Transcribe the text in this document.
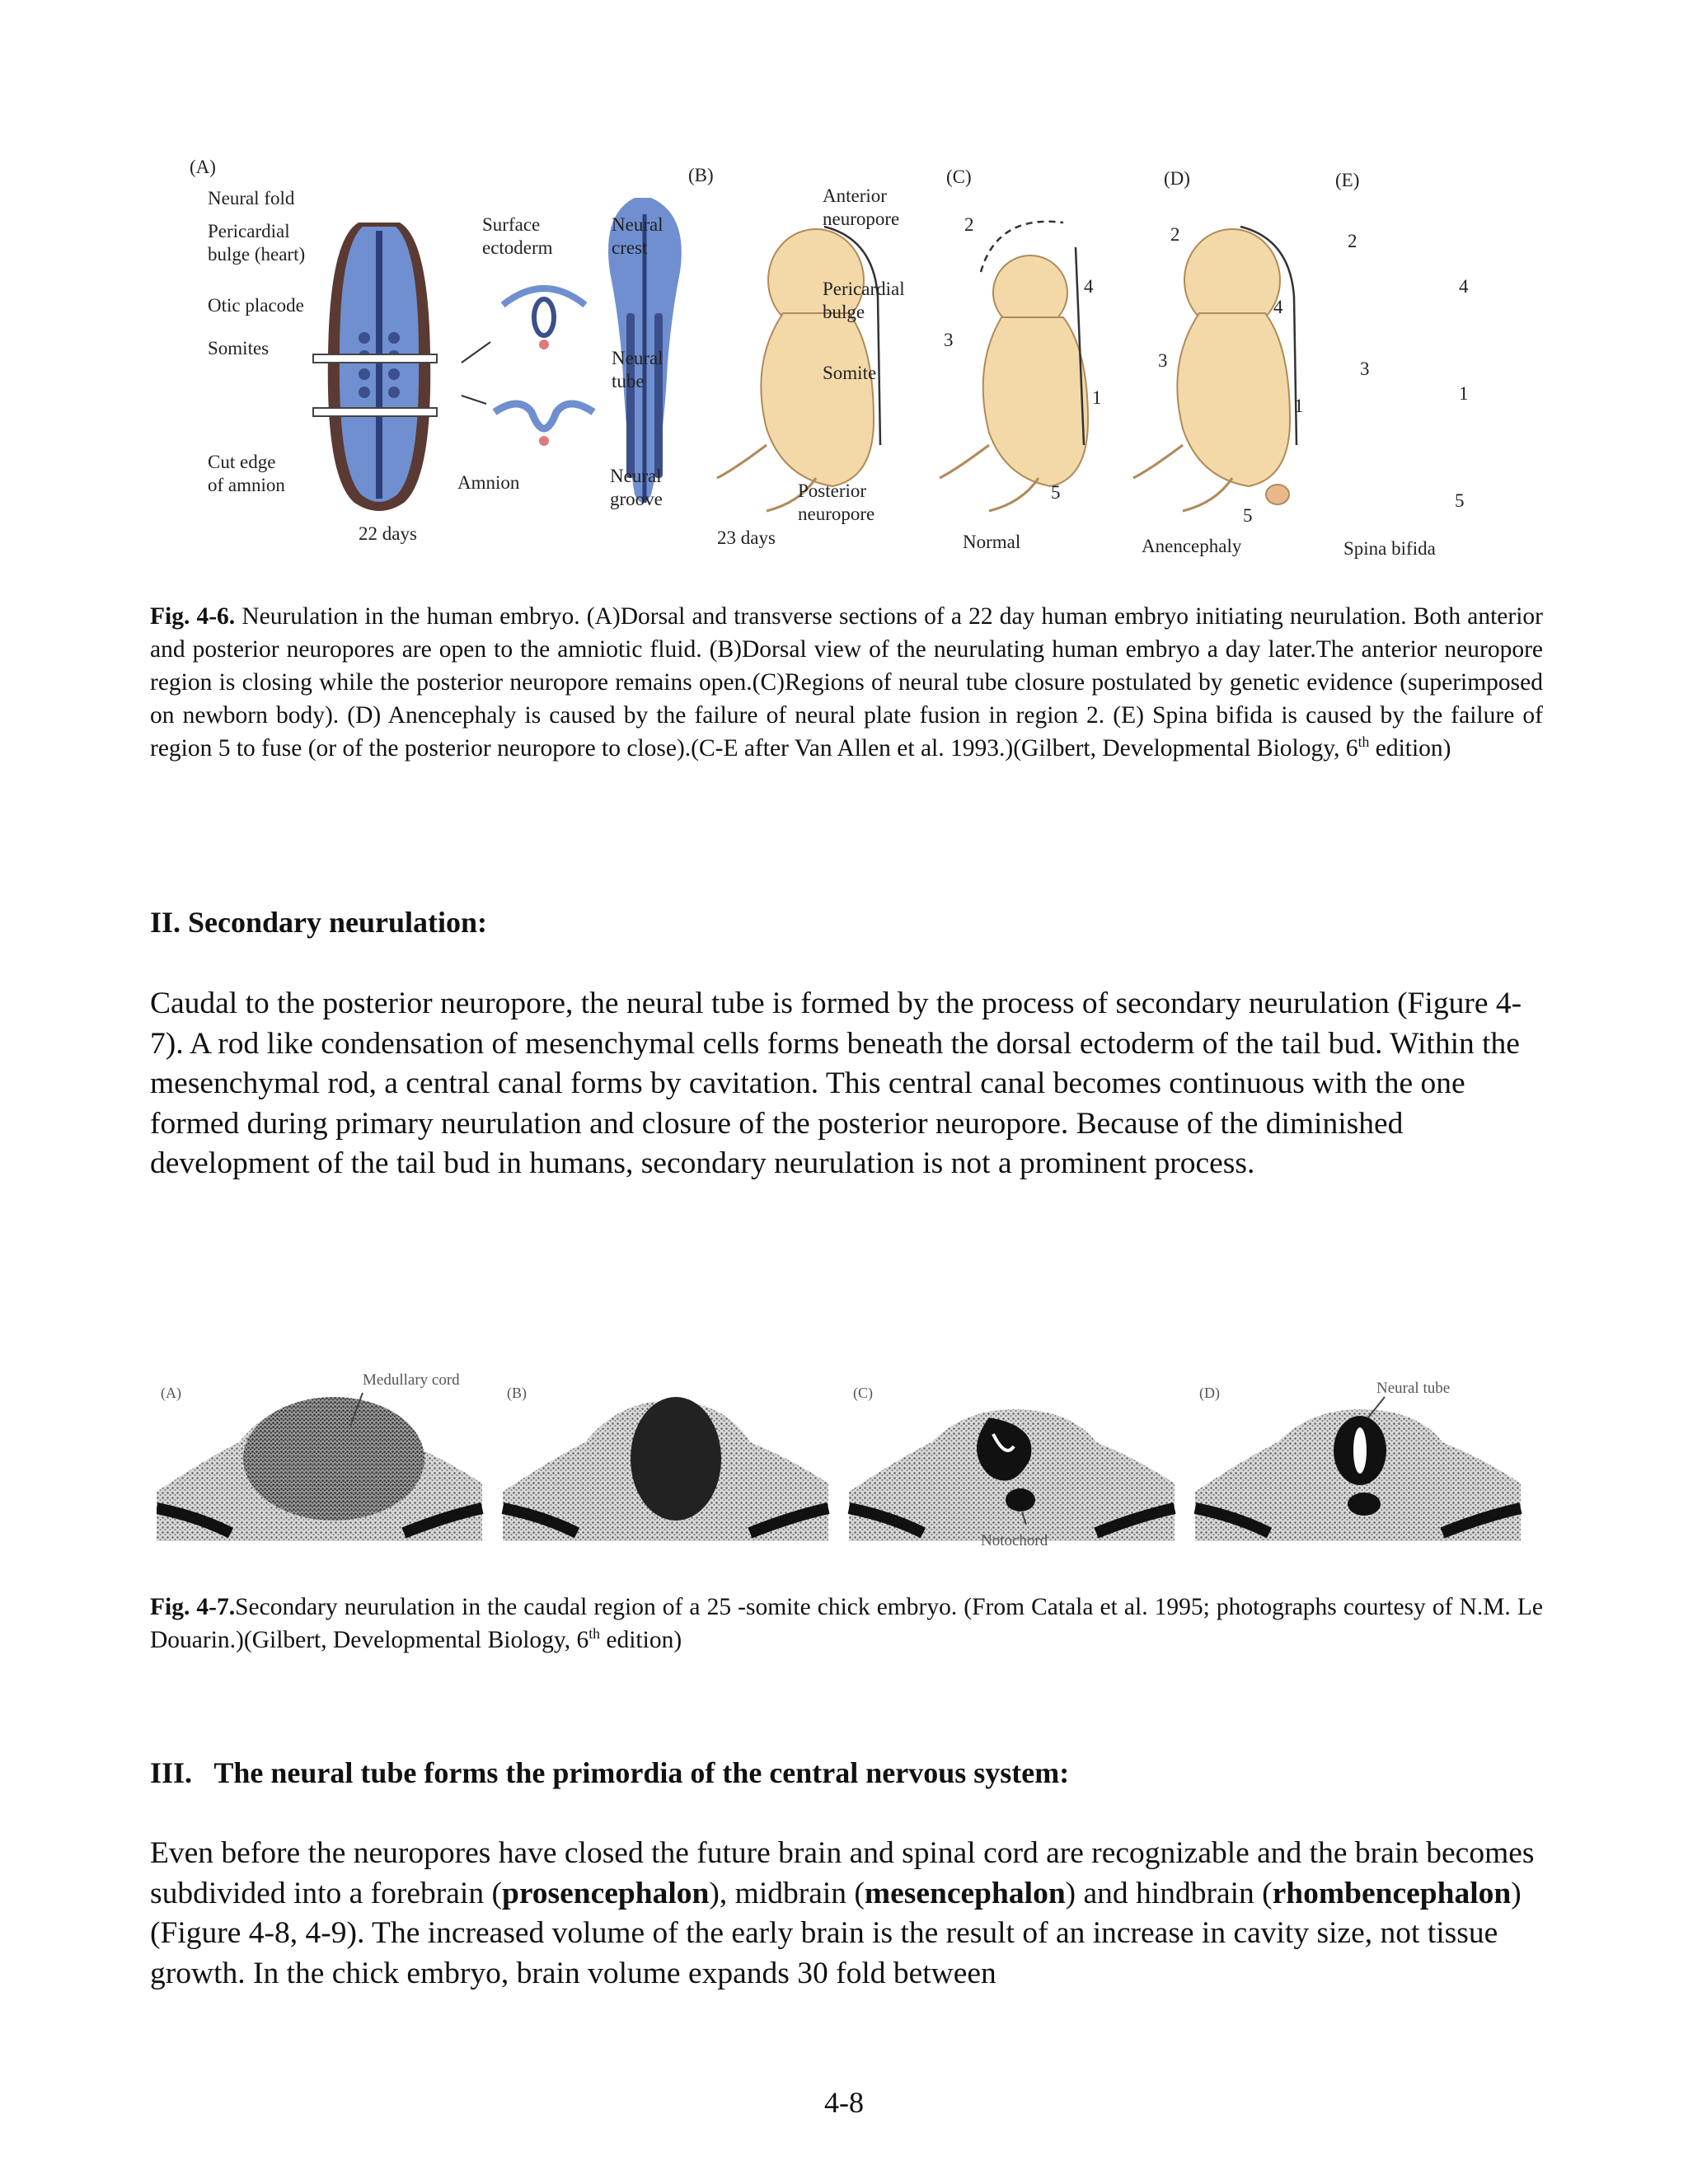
(A)	(B)	(C)	(D)	(E)
Neural fold
Pericardial
bulge (heart)
Otic placode
Somites
Cut edge
of amnion	Amnion
Surface
ectoderm
Neural
crest
Neural
tube
Neural
groove
22 days
Anterior
neuropore
Pericardial
bulge
Somite
Posterior
neuropore
23 days
2
3
4
1
5
2
3
4
1
5
2
3
4
1
5
Normal	Anencephaly	Spina bifida
Fig. 4-6. Neurulation in the human embryo. (A)Dorsal and transverse sections of a 22 day human embryo initiating neurulation. Both anterior and posterior neuropores are open to the amniotic fluid. (B)Dorsal view of the neurulating human embryo a day later.The anterior neuropore region is closing while the posterior neuropore remains open.(C)Regions of neural tube closure postulated by genetic evidence (superimposed on newborn body). (D) Anencephaly is caused by the failure of neural plate fusion in region 2. (E) Spina bifida is caused by the failure of region 5 to fuse (or of the posterior neuropore to close).(C-E after Van Allen et al. 1993.)(Gilbert, Developmental Biology, 6th edition)
II. Secondary neurulation:
Caudal to the posterior neuropore, the neural tube is formed by the process of secondary neurulation (Figure 4-7). A rod like condensation of mesenchymal cells forms beneath the dorsal ectoderm of the tail bud. Within the mesenchymal rod, a central canal forms by cavitation. This central canal becomes continuous with the one formed during primary neurulation and closure of the posterior neuropore. Because of the diminished development of the tail bud in humans, secondary neurulation is not a prominent process.
(A)	(B)	(C)	(D)
Medullary cord
Notochord
Neural tube
Fig. 4-7.Secondary neurulation in the caudal region of a 25 -somite chick embryo. (From Catala et al. 1995; photographs courtesy of N.M. Le Douarin.)(Gilbert, Developmental Biology, 6th edition)
III.   The neural tube forms the primordia of the central nervous system:
Even before the neuropores have closed the future brain and spinal cord are recognizable and the brain becomes subdivided into a forebrain (prosencephalon), midbrain (mesencephalon) and hindbrain (rhombencephalon) (Figure 4-8, 4-9). The increased volume of the early brain is the result of an increase in cavity size, not tissue growth. In the chick embryo, brain volume expands 30 fold between
4-8
